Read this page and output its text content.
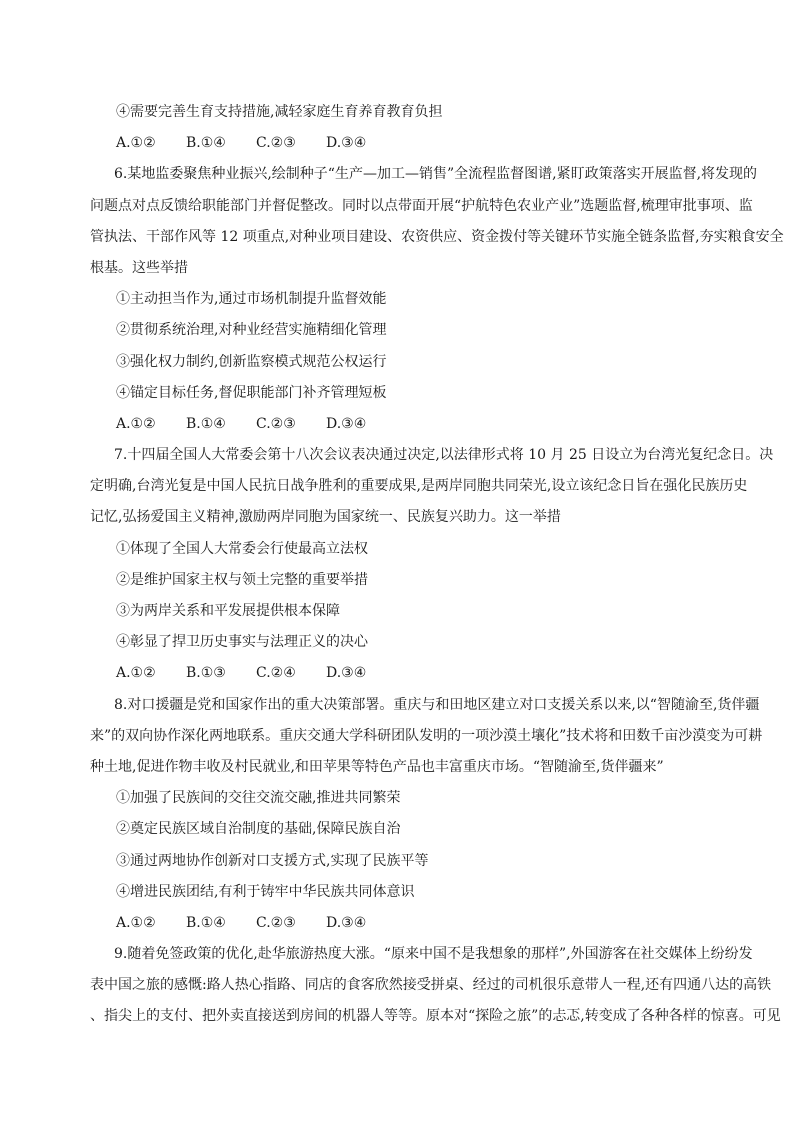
④需要完善生育支持措施,减轻家庭生育养育教育负担
A.①②	B.①④	C.②③	D.③④
6.某地监委聚焦种业振兴,绘制种子“生产—加工—销售”全流程监督图谱,紧盯政策落实开展监督,将发现的
问题点对点反馈给职能部门并督促整改。同时以点带面开展“护航特色农业产业”选题监督,梳理审批事项、监
管执法、干部作风等 12 项重点,对种业项目建设、农资供应、资金拨付等关键环节实施全链条监督,夯实粮食安全
根基。这些举措
①主动担当作为,通过市场机制提升监督效能
②贯彻系统治理,对种业经营实施精细化管理
③强化权力制约,创新监察模式规范公权运行
④锚定目标任务,督促职能部门补齐管理短板
A.①②	B.①④	C.②③	D.③④
7.十四届全国人大常委会第十八次会议表决通过决定,以法律形式将 10 月 25 日设立为台湾光复纪念日。决
定明确,台湾光复是中国人民抗日战争胜利的重要成果,是两岸同胞共同荣光,设立该纪念日旨在强化民族历史
记忆,弘扬爱国主义精神,激励两岸同胞为国家统一、民族复兴助力。这一举措
①体现了全国人大常委会行使最高立法权
②是维护国家主权与领土完整的重要举措
③为两岸关系和平发展提供根本保障
④彰显了捍卫历史事实与法理正义的决心
A.①②	B.①③	C.②④	D.③④
8.对口援疆是党和国家作出的重大决策部署。重庆与和田地区建立对口支援关系以来,以“智随渝至,货伴疆
来”的双向协作深化两地联系。重庆交通大学科研团队发明的一项沙漠土壤化”技术将和田数千亩沙漠变为可耕
种土地,促进作物丰收及村民就业,和田苹果等特色产品也丰富重庆市场。“智随渝至,货伴疆来”
①加强了民族间的交往交流交融,推进共同繁荣
②奠定民族区域自治制度的基础,保障民族自治
③通过两地协作创新对口支援方式,实现了民族平等
④增进民族团结,有利于铸牢中华民族共同体意识
A.①②	B.①④	C.②③	D.③④
9.随着免签政策的优化,赴华旅游热度大涨。“原来中国不是我想象的那样”,外国游客在社交媒体上纷纷发
表中国之旅的感慨:路人热心指路、同店的食客欣然接受拼桌、经过的司机很乐意带人一程,还有四通八达的高铁
、指尖上的支付、把外卖直接送到房间的机器人等等。原本对“探险之旅”的忐忑,转变成了各种各样的惊喜。可见
